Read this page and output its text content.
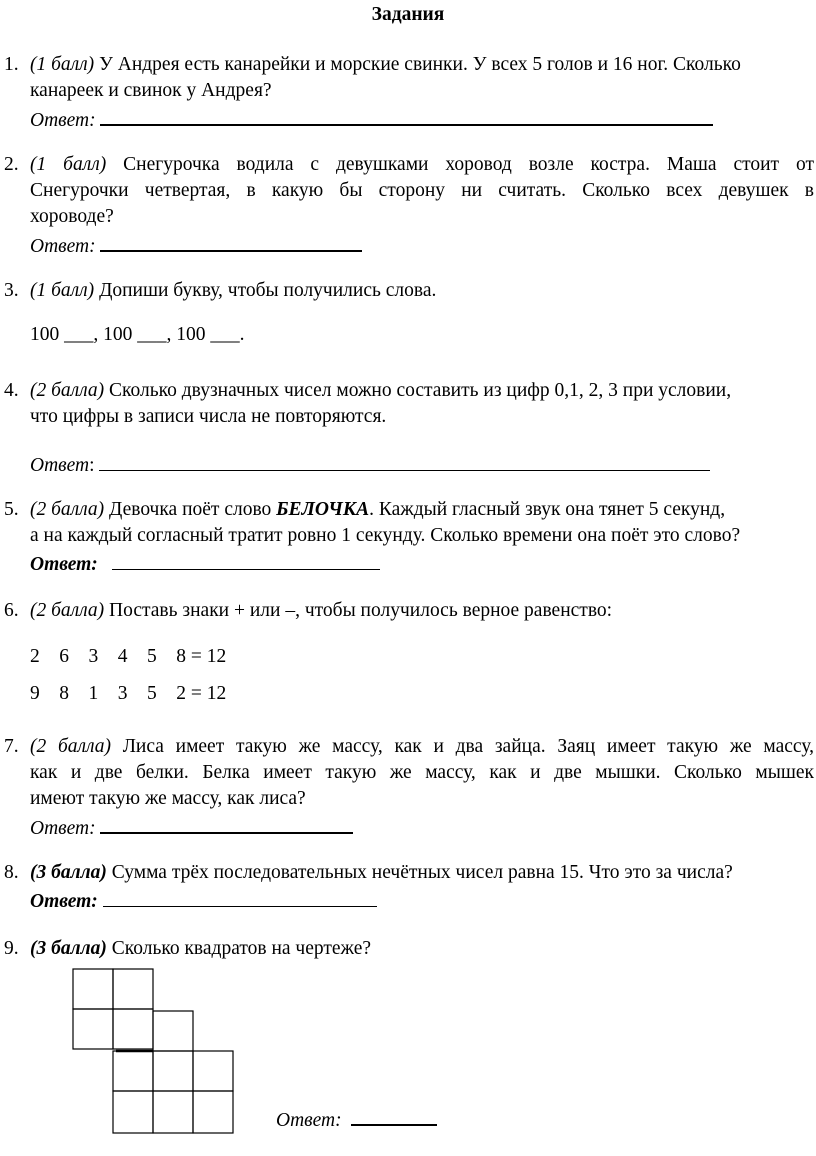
Задания
1. (1 балл) У Андрея есть канарейки и морские свинки. У всех 5 голов и 16 ног. Сколько
канареек и свинок у Андрея?
Ответ:
2. (1 балл) Снегурочка водила с девушками хоровод возле костра. Маша стоит от
Снегурочки четвертая, в какую бы сторону ни считать. Сколько всех девушек в
хороводе?
Ответ:
3. (1 балл) Допиши букву, чтобы получились слова.
100 ___, 100 ___, 100 ___.
4. (2 балла) Сколько двузначных чисел можно составить из цифр 0,1, 2, 3 при условии,
что цифры в записи числа не повторяются.
Ответ:
5. (2 балла) Девочка поёт слово БЕЛОЧКА. Каждый гласный звук она тянет 5 секунд,
а на каждый согласный тратит ровно 1 секунду. Сколько времени она поёт это слово?
Ответ:
6. (2 балла) Поставь знаки + или –, чтобы получилось верное равенство:
2 6 3 4 5 8 = 12
9 8 1 3 5 2 = 12
7. (2 балла) Лиса имеет такую же массу, как и два зайца. Заяц имеет такую же массу,
как и две белки. Белка имеет такую же массу, как и две мышки. Сколько мышек
имеют такую же массу, как лиса?
Ответ:
8. (3 балла) Сумма трёх последовательных нечётных чисел равна 15. Что это за числа?
Ответ:
9. (3 балла) Сколько квадратов на чертеже?
Ответ:
